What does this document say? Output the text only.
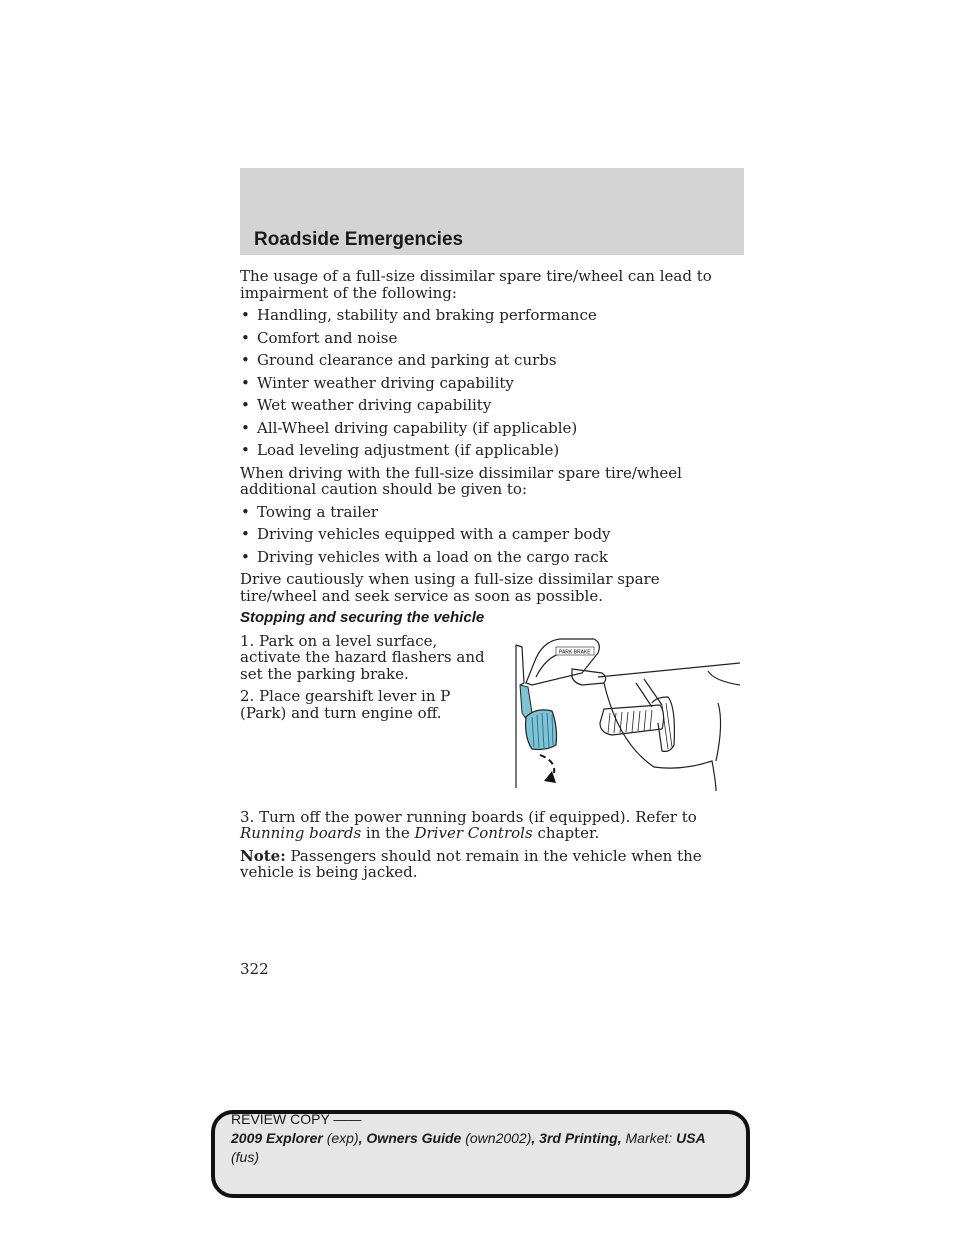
Roadside Emergencies

The usage of a full-size dissimilar spare tire/wheel can lead to impairment of the following:

• Handling, stability and braking performance
• Comfort and noise
• Ground clearance and parking at curbs
• Winter weather driving capability
• Wet weather driving capability
• All-Wheel driving capability (if applicable)
• Load leveling adjustment (if applicable)

When driving with the full-size dissimilar spare tire/wheel additional caution should be given to:

• Towing a trailer
• Driving vehicles equipped with a camper body
• Driving vehicles with a load on the cargo rack

Drive cautiously when using a full-size dissimilar spare tire/wheel and seek service as soon as possible.

Stopping and securing the vehicle

1. Park on a level surface, activate the hazard flashers and set the parking brake.

2. Place gearshift lever in P (Park) and turn engine off.

PARK BRAKE

3. Turn off the power running boards (if equipped). Refer to Running boards in the Driver Controls chapter.

Note: Passengers should not remain in the vehicle when the vehicle is being jacked.

322
REVIEW COPY ——
2009 Explorer (exp), Owners Guide (own2002), 3rd Printing, Market: USA
(fus)
